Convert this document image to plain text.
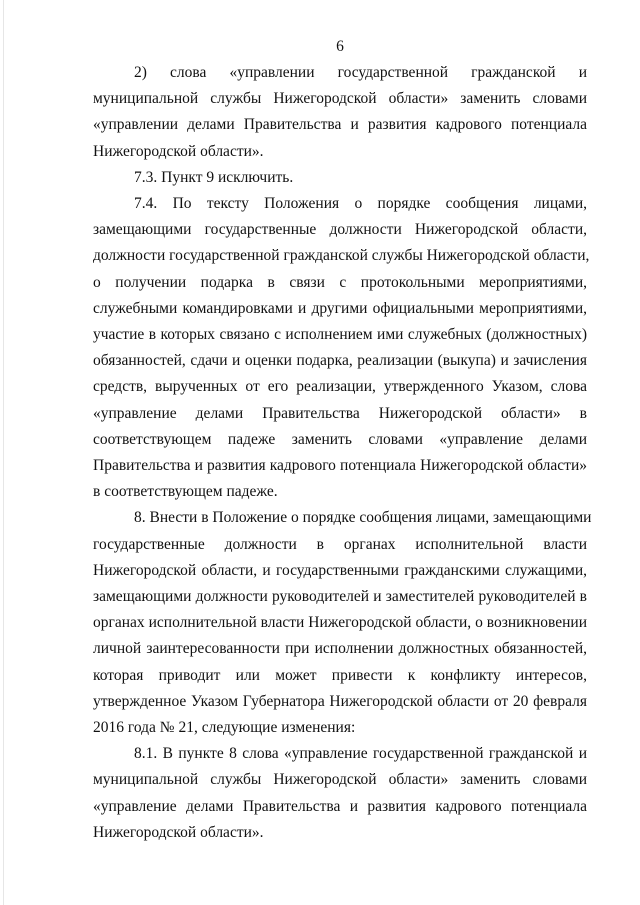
6
2) слова «управлении государственной гражданской и
муниципальной службы Нижегородской области» заменить словами
«управлении делами Правительства и развития кадрового потенциала
Нижегородской области».
7.3. Пункт 9 исключить.
7.4. По тексту Положения о порядке сообщения лицами,
замещающими государственные должности Нижегородской области,
должности государственной гражданской службы Нижегородской области,
о получении подарка в связи с протокольными мероприятиями,
служебными командировками и другими официальными мероприятиями,
участие в которых связано с исполнением ими служебных (должностных)
обязанностей, сдачи и оценки подарка, реализации (выкупа) и зачисления
средств, вырученных от его реализации, утвержденного Указом, слова
«управление делами Правительства Нижегородской области» в
соответствующем падеже заменить словами «управление делами
Правительства и развития кадрового потенциала Нижегородской области»
в соответствующем падеже.
8. Внести в Положение о порядке сообщения лицами, замещающими
государственные должности в органах исполнительной власти
Нижегородской области, и государственными гражданскими служащими,
замещающими должности руководителей и заместителей руководителей в
органах исполнительной власти Нижегородской области, о возникновении
личной заинтересованности при исполнении должностных обязанностей,
которая приводит или может привести к конфликту интересов,
утвержденное Указом Губернатора Нижегородской области от 20 февраля
2016 года № 21, следующие изменения:
8.1. В пункте 8 слова «управление государственной гражданской и
муниципальной службы Нижегородской области» заменить словами
«управление делами Правительства и развития кадрового потенциала
Нижегородской области».
